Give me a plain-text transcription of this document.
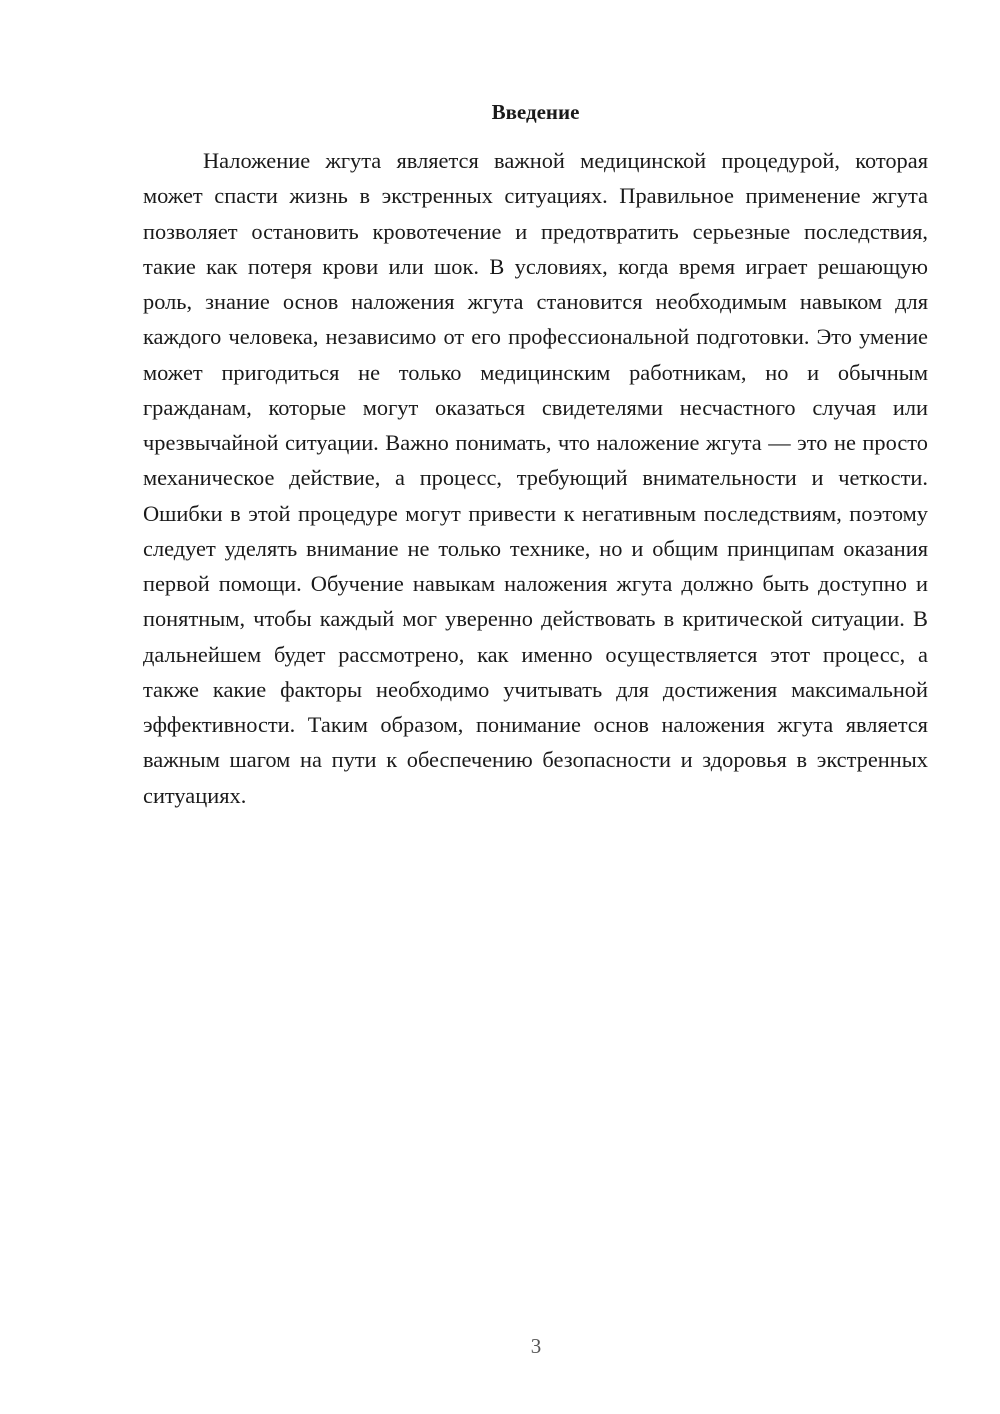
Введение

Наложение жгута является важной медицинской процедурой, которая может спасти жизнь в экстренных ситуациях. Правильное применение жгута позволяет остановить кровотечение и предотвратить серьезные последствия, такие как потеря крови или шок. В условиях, когда время играет решающую роль, знание основ наложения жгута становится необходимым навыком для каждого человека, независимо от его профессиональной подготовки. Это умение может пригодиться не только медицинским работникам, но и обычным гражданам, которые могут оказаться свидетелями несчастного случая или чрезвычайной ситуации. Важно понимать, что наложение жгута — это не просто механическое действие, а процесс, требующий внимательности и четкости. Ошибки в этой процедуре могут привести к негативным последствиям, поэтому следует уделять внимание не только технике, но и общим принципам оказания первой помощи. Обучение навыкам наложения жгута должно быть доступно и понятным, чтобы каждый мог уверенно действовать в критической ситуации. В дальнейшем будет рассмотрено, как именно осуществляется этот процесс, а также какие факторы необходимо учитывать для достижения максимальной эффективности. Таким образом, понимание основ наложения жгута является важным шагом на пути к обеспечению безопасности и здоровья в экстренных ситуациях.

3
